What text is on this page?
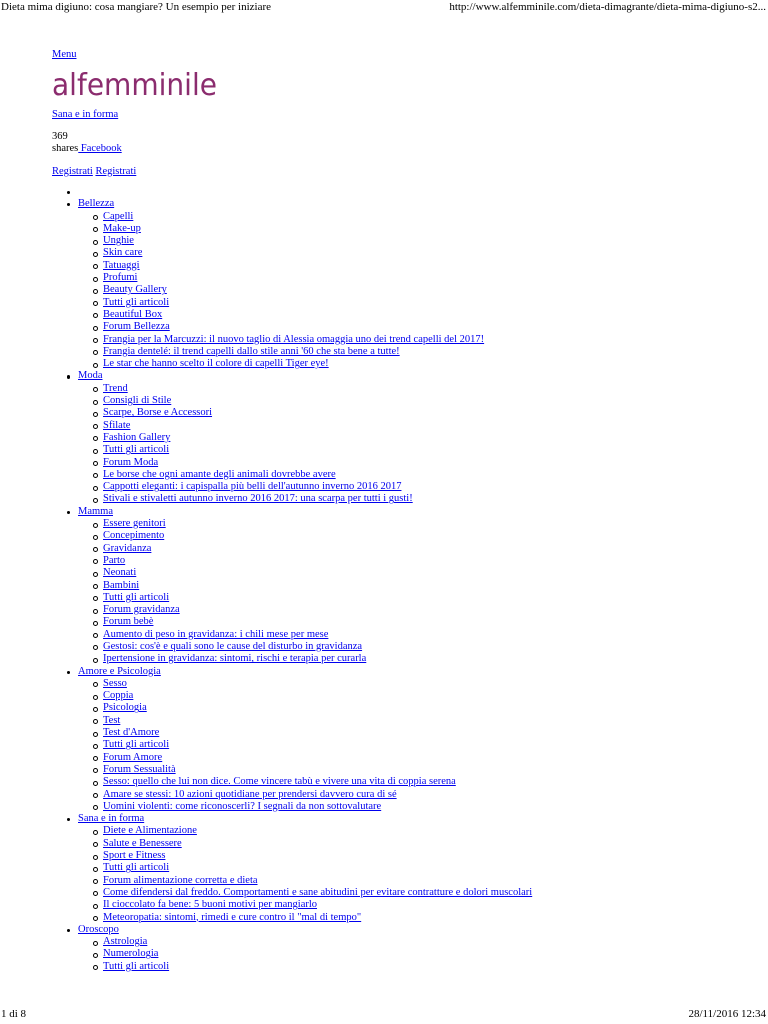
Dieta mima digiuno: cosa mangiare? Un esempio per iniziare	http://www.alfemminile.com/dieta-dimagrante/dieta-mima-digiuno-s2...
Menu
alfemminile
Sana e in forma
369
shares Facebook
Registrati Registrati
Bellezza
Capelli
Make-up
Unghie
Skin care
Tatuaggi
Profumi
Beauty Gallery
Tutti gli articoli
Beautiful Box
Forum Bellezza
Frangia per la Marcuzzi: il nuovo taglio di Alessia omaggia uno dei trend capelli del 2017!
Frangia dentelé: il trend capelli dallo stile anni '60 che sta bene a tutte!
Le star che hanno scelto il colore di capelli Tiger eye!
Moda
Trend
Consigli di Stile
Scarpe, Borse e Accessori
Sfilate
Fashion Gallery
Tutti gli articoli
Forum Moda
Le borse che ogni amante degli animali dovrebbe avere
Cappotti eleganti: i capispalla più belli dell'autunno inverno 2016 2017
Stivali e stivaletti autunno inverno 2016 2017: una scarpa per tutti i gusti!
Mamma
Essere genitori
Concepimento
Gravidanza
Parto
Neonati
Bambini
Tutti gli articoli
Forum gravidanza
Forum bebè
Aumento di peso in gravidanza: i chili mese per mese
Gestosi: cos'è e quali sono le cause del disturbo in gravidanza
Ipertensione in gravidanza: sintomi, rischi e terapia per curarla
Amore e Psicologia
Sesso
Coppia
Psicologia
Test
Test d'Amore
Tutti gli articoli
Forum Amore
Forum Sessualità
Sesso: quello che lui non dice. Come vincere tabù e vivere una vita di coppia serena
Amare se stessi: 10 azioni quotidiane per prendersi davvero cura di sé
Uomini violenti: come riconoscerli? I segnali da non sottovalutare
Sana e in forma
Diete e Alimentazione
Salute e Benessere
Sport e Fitness
Tutti gli articoli
Forum alimentazione corretta e dieta
Come difendersi dal freddo. Comportamenti e sane abitudini per evitare contratture e dolori muscolari
Il cioccolato fa bene: 5 buoni motivi per mangiarlo
Meteoropatia: sintomi, rimedi e cure contro il "mal di tempo"
Oroscopo
Astrologia
Numerologia
Tutti gli articoli
1 di 8	28/11/2016 12:34
